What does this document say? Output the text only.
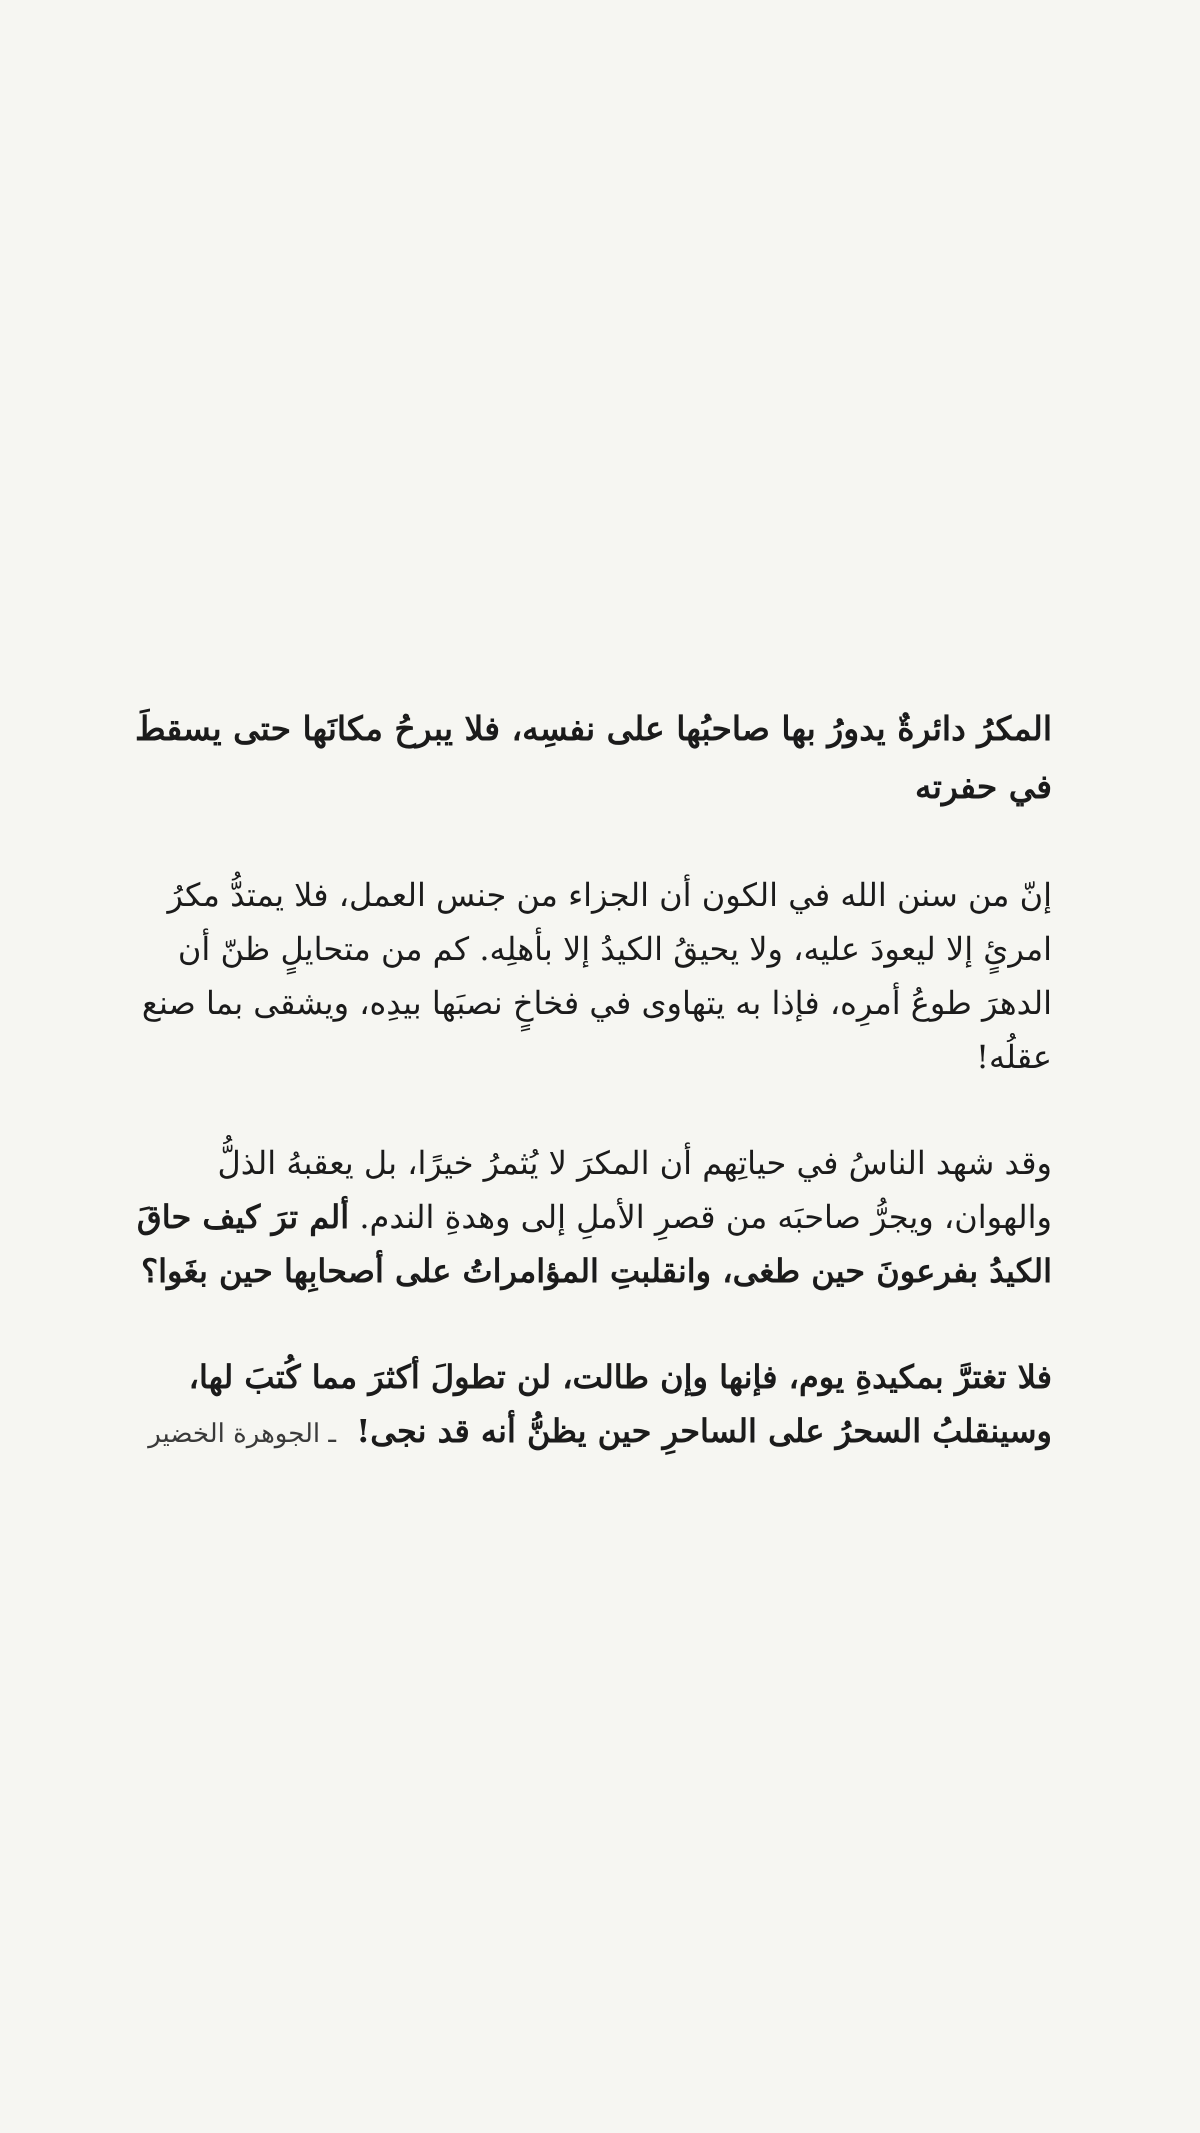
المكرُ دائرةٌ يدورُ بها صاحبُها على نفسِه، فلا يبرحُ مكانَها حتى يسقطَ في حفرته

إنّ من سنن الله في الكون أن الجزاء من جنس العمل، فلا يمتدُّ مكرُ امرئٍ إلا ليعودَ عليه، ولا يحيقُ الكيدُ إلا بأهلِه. كم من متحايلٍ ظنّ أن الدهرَ طوعُ أمرِه، فإذا به يتهاوى في فخاخٍ نصبَها بيدِه، ويشقى بما صنع عقلُه!

وقد شهد الناسُ في حياتِهم أن المكرَ لا يُثمرُ خيرًا، بل يعقبهُ الذلُّ والهوان، ويجرُّ صاحبَه من قصرِ الأملِ إلى وهدةِ الندم. ألم ترَ كيف حاقَ الكيدُ بفرعونَ حين طغى، وانقلبتِ المؤامراتُ على أصحابِها حين بغَوا؟

فلا تغترَّ بمكيدةِ يوم، فإنها وإن طالت، لن تطولَ أكثرَ مما كُتبَ لها، وسينقلبُ السحرُ على الساحرِ حين يظنُّ أنه قد نجى! ـ الجوهرة الخضير
